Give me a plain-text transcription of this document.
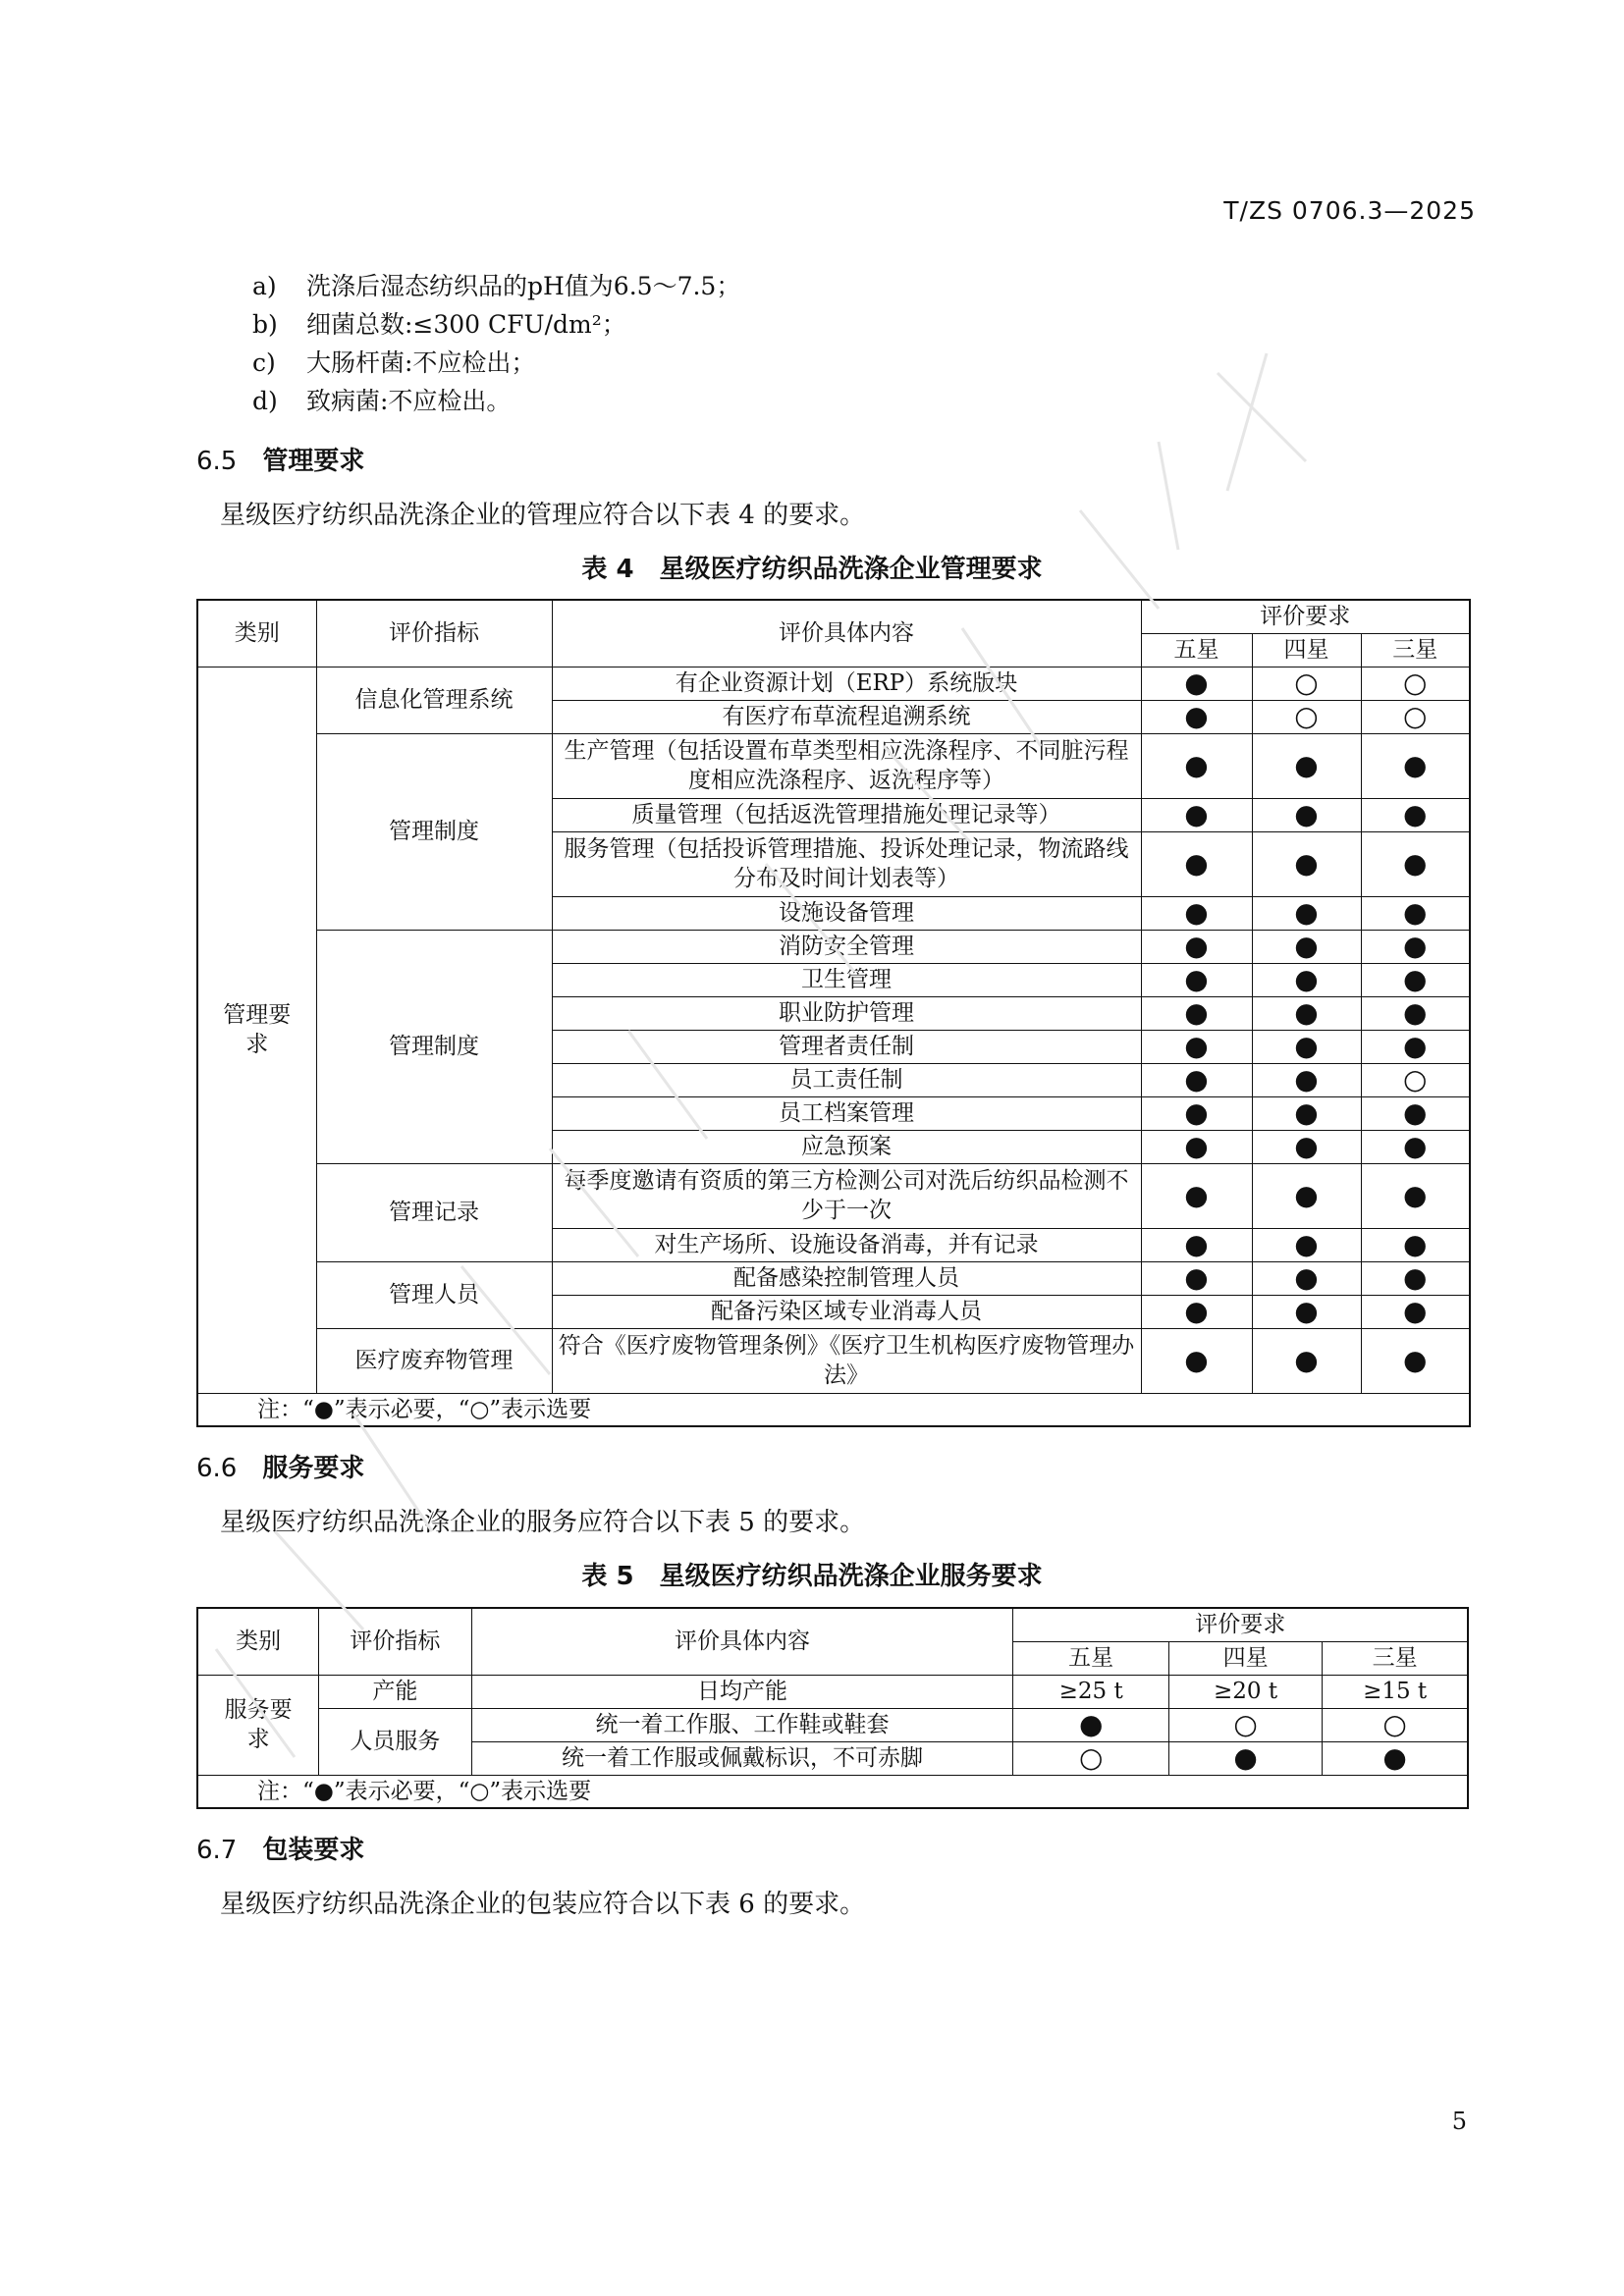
T/ZS 0706.3—2025
a)	洗涤后湿态纺织品的pH值为6.5～7.5；
b)	细菌总数:≤300 CFU/dm²；
c)	大肠杆菌:不应检出；
d)	致病菌:不应检出。
6.5 管理要求
星级医疗纺织品洗涤企业的管理应符合以下表 4 的要求。
表 4　星级医疗纺织品洗涤企业管理要求
类别	评价指标	评价具体内容	评价要求		
			五星	四星	三星
管理要求	信息化管理系统	有企业资源计划（ERP）系统版块	●	○	○
		有医疗布草流程追溯系统	●	○	○
	管理制度	生产管理（包括设置布草类型相应洗涤程序、不同脏污程度相应洗涤程序、返洗程序等）	●	●	●
		质量管理（包括返洗管理措施处理记录等）	●	●	●
		服务管理（包括投诉管理措施、投诉处理记录，物流路线分布及时间计划表等）	●	●	●
		设施设备管理	●	●	●
	管理制度	消防安全管理	●	●	●
		卫生管理	●	●	●
		职业防护管理	●	●	●
		管理者责任制	●	●	●
		员工责任制	●	●	○
		员工档案管理	●	●	●
		应急预案	●	●	●
	管理记录	每季度邀请有资质的第三方检测公司对洗后纺织品检测不少于一次	●	●	●
		对生产场所、设施设备消毒，并有记录	●	●	●
	管理人员	配备感染控制管理人员	●	●	●
		配备污染区域专业消毒人员	●	●	●
	医疗废弃物管理	符合《医疗废物管理条例》《医疗卫生机构医疗废物管理办法》	●	●	●
注：“●”表示必要，“○”表示选要					
6.6 服务要求
星级医疗纺织品洗涤企业的服务应符合以下表 5 的要求。
表 5　星级医疗纺织品洗涤企业服务要求
类别	评价指标	评价具体内容	评价要求		
			五星	四星	三星
服务要求	产能	日均产能	≥25 t	≥20 t	≥15 t
	人员服务	统一着工作服、工作鞋或鞋套	●	○	○
		统一着工作服或佩戴标识，不可赤脚	○	●	●
注：“●”表示必要，“○”表示选要					
6.7 包装要求
星级医疗纺织品洗涤企业的包装应符合以下表 6 的要求。
5
